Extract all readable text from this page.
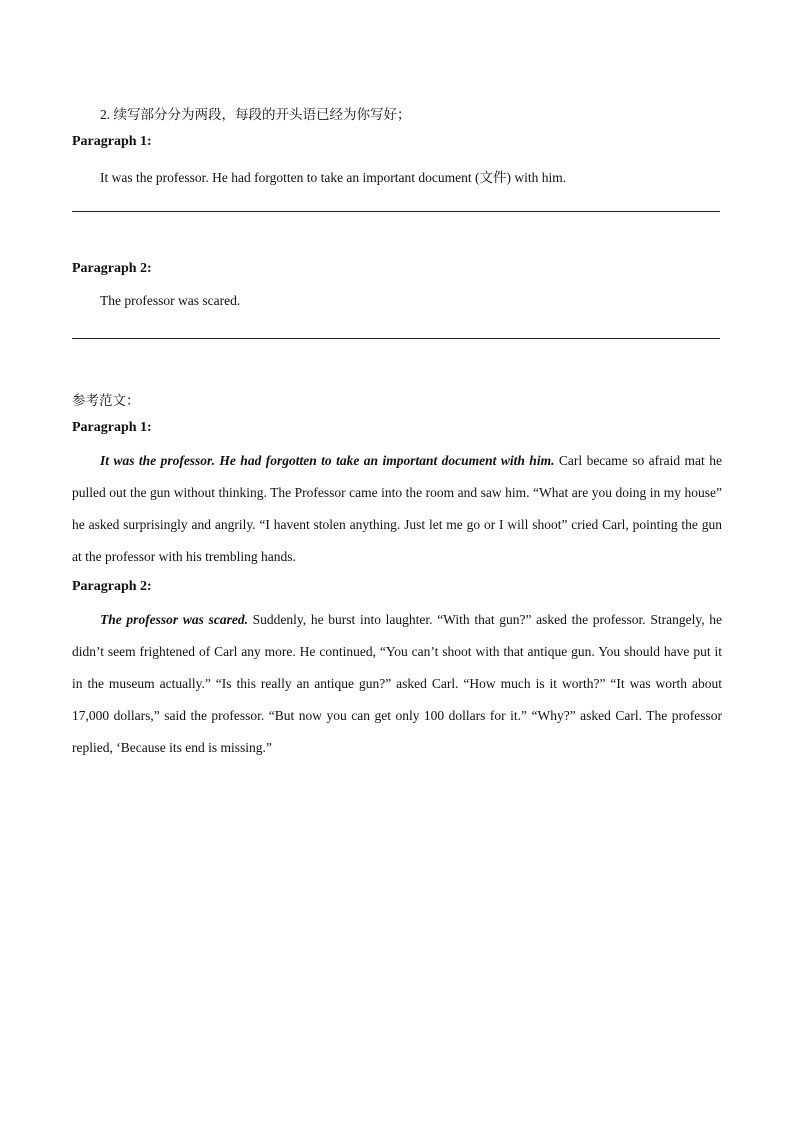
2. 续写部分分为两段，每段的开头语已经为你写好；
Paragraph 1:
It was the professor. He had forgotten to take an important document (文件) with him.
Paragraph 2:
The professor was scared.
参考范文：
Paragraph 1:
It was the professor. He had forgotten to take an important document with him. Carl became so afraid mat he pulled out the gun without thinking. The Professor came into the room and saw him. “What are you doing in my house” he asked surprisingly and angrily. “I havent stolen anything. Just let me go or I will shoot” cried Carl, pointing the gun at the professor with his trembling hands.
Paragraph 2:
The professor was scared. Suddenly, he burst into laughter. “With that gun?” asked the professor. Strangely, he didn’t seem frightened of Carl any more. He continued, “You can’t shoot with that antique gun. You should have put it in the museum actually.” “Is this really an antique gun?” asked Carl. “How much is it worth?” “It was worth about 17,000 dollars,” said the professor. “But now you can get only 100 dollars for it.” “Why?” asked Carl. The professor replied, ‘Because its end is missing.”
